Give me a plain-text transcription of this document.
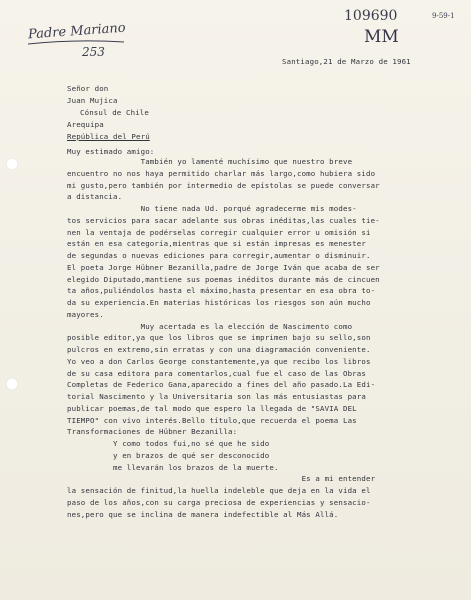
Padre Mariano
253
109690	9-59-1
MM
Santiago,21 de Marzo de 1961
Señor don
Juan Mujica
Cónsul de Chile
Arequipa
República del Perú
Muy estimado amigo:
También yo lamenté muchísimo que nuestro breve
encuentro no nos haya permitido charlar más largo,como hubiera sido
mi gusto,pero también por intermedio de epístolas se puede conversar
a distancia.
No tiene nada Ud. porqué agradecerme mis modes-
tos servicios para sacar adelante sus obras inéditas,las cuales tie-
nen la ventaja de podérselas corregir cualquier error u omisión si
están en esa categoría,mientras que si están impresas es menester
de segundas o nuevas ediciones para corregir,aumentar o disminuir.
El poeta Jorge Hübner Bezanilla,padre de Jorge Iván que acaba de ser
elegido Diputado,mantiene sus poemas inéditos durante más de cincuen
ta años,puliéndolos hasta el máximo,hasta presentar en esa obra to-
da su experiencia.En materias históricas los riesgos son aún mucho
mayores.
Muy acertada es la elección de Nascimento como
posible editor,ya que los libros que se imprimen bajo su sello,son
pulcros en extremo,sin erratas y con una diagramación conveniente.
Yo veo a don Carlos George constantemente,ya que recibo los libros
de su casa editora para comentarlos,cual fue el caso de las Obras
Completas de Federico Gana,aparecido a fines del año pasado.La Edi-
torial Nascimento y la Universitaria son las más entusiastas para
publicar poemas,de tal modo que espero la llegada de "SAVIA DEL
TIEMPO" con vivo interés.Bello título,que recuerda el poema Las
Transformaciones de Hübner Bezanilla:
Y como todos fui,no sé que he sido
y en brazos de qué ser desconocido
me llevarán los brazos de la muerte.
Es a mi entender
la sensación de finitud,la huella indeleble que deja en la vida el
paso de los años,con su carga preciosa de experiencias y sensacio-
nes,pero que se inclina de manera indefectible al Más Allá.
